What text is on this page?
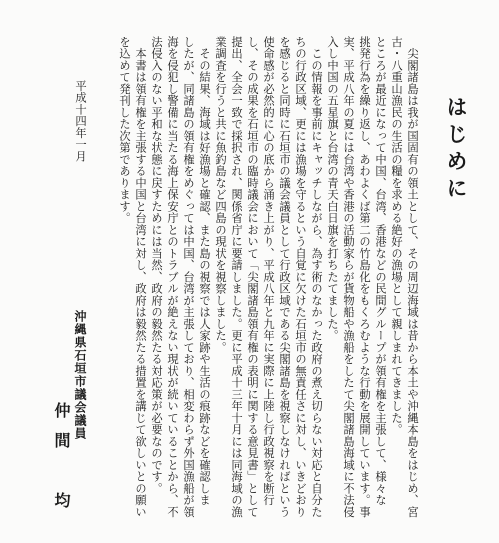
はじめに
　尖閣諸島は我が国固有の領土として、その周辺海域は昔から本土や沖縄本島をはじめ、宮
古・八重山漁民の生活の糧を求める絶好の漁場として親しまれてきました。
ところが最近になって中国、台湾、香港などの民間グループが領有権を主張して、様々な
挑発行為を繰り返し、あわよくば第二の竹島化をもくろむような行動を展開しています。事
実、平成八年の夏には台湾や香港の活動家らが貨物船や漁船をしたて尖閣諸島海域に不法侵
入し中国の五星旗と台湾の青天白日旗を打ちたてました。
　この情報を事前にキャッチしながら、為す術のなかった政府の煮え切らない対応と自分た
ちの行政区域、更には漁場を守るという自覚に欠けた石垣市の無責任さに対し、いきどおり
を感じると同時に石垣市の議会議員として行政区域である尖閣諸島を視察しなければという
使命感が必然的に心の底から涌き上がり、平成八年と九年に実際に上陸し行政視察を断行
し、その成果を石垣市の臨時議会において「尖閣諸島領有権の表明に関する意見書」として
提出、全会一致で採択され、関係省庁に要請しました。更に平成十三年十月には同海域の漁
業調査を行うと共に魚釣島など四島の現状を視察しました。
　その結果、海域は好漁場と確認、また島の視察では人家跡や生活の痕跡などを確認しま
したが、同諸島の領有権をめぐっては中国、台湾が主張しており、相変わらず外国漁船が領
海を侵犯し警備に当たる海上保安庁とのトラブルが絶えない現状が続いていることから、不
法侵入のない平和な状態に戻すためには当然、政府の毅然たる対応策が必要なのです。
　本書は領有権を主張する中国と台湾に対し、政府は毅然たる措置を講じて欲しいとの願い
を込めて発刊した次第であります。
平成十四年一月
沖縄県石垣市議会議員
仲間　均
